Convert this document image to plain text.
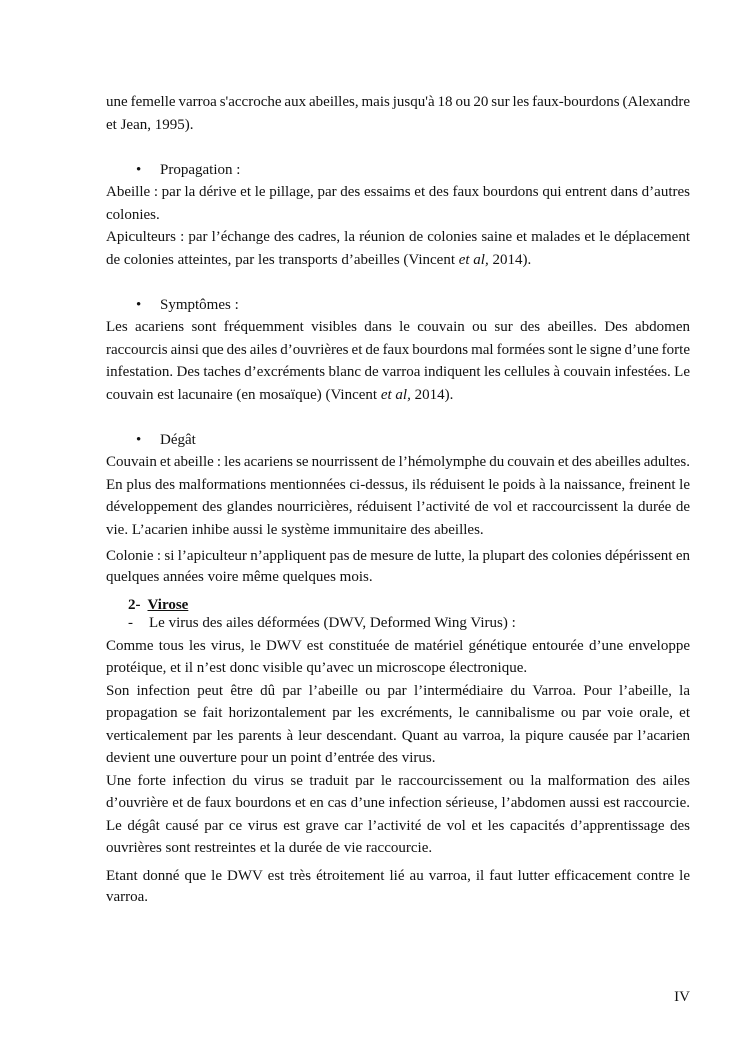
une femelle varroa s'accroche aux abeilles, mais jusqu'à 18 ou 20 sur les faux-bourdons (Alexandre
et Jean, 1995).
• Propagation :
Abeille : par la dérive et le pillage, par des essaims et des faux bourdons qui entrent dans d’autres
colonies.
Apiculteurs : par l’échange des cadres, la réunion de colonies saine et malades et le déplacement
de colonies atteintes, par les transports d’abeilles (Vincent et al, 2014).
• Symptômes :
Les acariens sont fréquemment visibles dans le couvain ou sur des abeilles. Des abdomen
raccourcis ainsi que des ailes d’ouvrières et de faux bourdons mal formées sont le signe d’une forte
infestation. Des taches d’excréments blanc de varroa indiquent les cellules à couvain infestées. Le
couvain est lacunaire (en mosaïque) (Vincent et al, 2014).
• Dégât
Couvain et abeille : les acariens se nourrissent de l’hémolymphe du couvain et des abeilles adultes.
En plus des malformations mentionnées ci-dessus, ils réduisent le poids à la naissance, freinent le
développement des glandes nourricières, réduisent l’activité de vol et raccourcissent la durée de
vie. L’acarien inhibe aussi le système immunitaire des abeilles.
Colonie : si l’apiculteur n’appliquent pas de mesure de lutte, la plupart des colonies dépérissent en
quelques années voire même quelques mois.
2- Virose
- Le virus des ailes déformées (DWV, Deformed Wing Virus) :
Comme tous les virus, le DWV est constituée de matériel génétique entourée d’une enveloppe
protéique, et il n’est donc visible qu’avec un microscope électronique.
Son infection peut être dû par l’abeille ou par l’intermédiaire du Varroa. Pour l’abeille, la
propagation se fait horizontalement par les excréments, le cannibalisme ou par voie orale, et
verticalement par les parents à leur descendant. Quant au varroa, la piqure causée par l’acarien
devient une ouverture pour un point d’entrée des virus.
Une forte infection du virus se traduit par le raccourcissement ou la malformation des ailes
d’ouvrière et de faux bourdons et en cas d’une infection sérieuse, l’abdomen aussi est raccourcie.
Le dégât causé par ce virus est grave car l’activité de vol et les capacités d’apprentissage des
ouvrières sont restreintes et la durée de vie raccourcie.
Etant donné que le DWV est très étroitement lié au varroa, il faut lutter efficacement contre le
varroa.
IV
